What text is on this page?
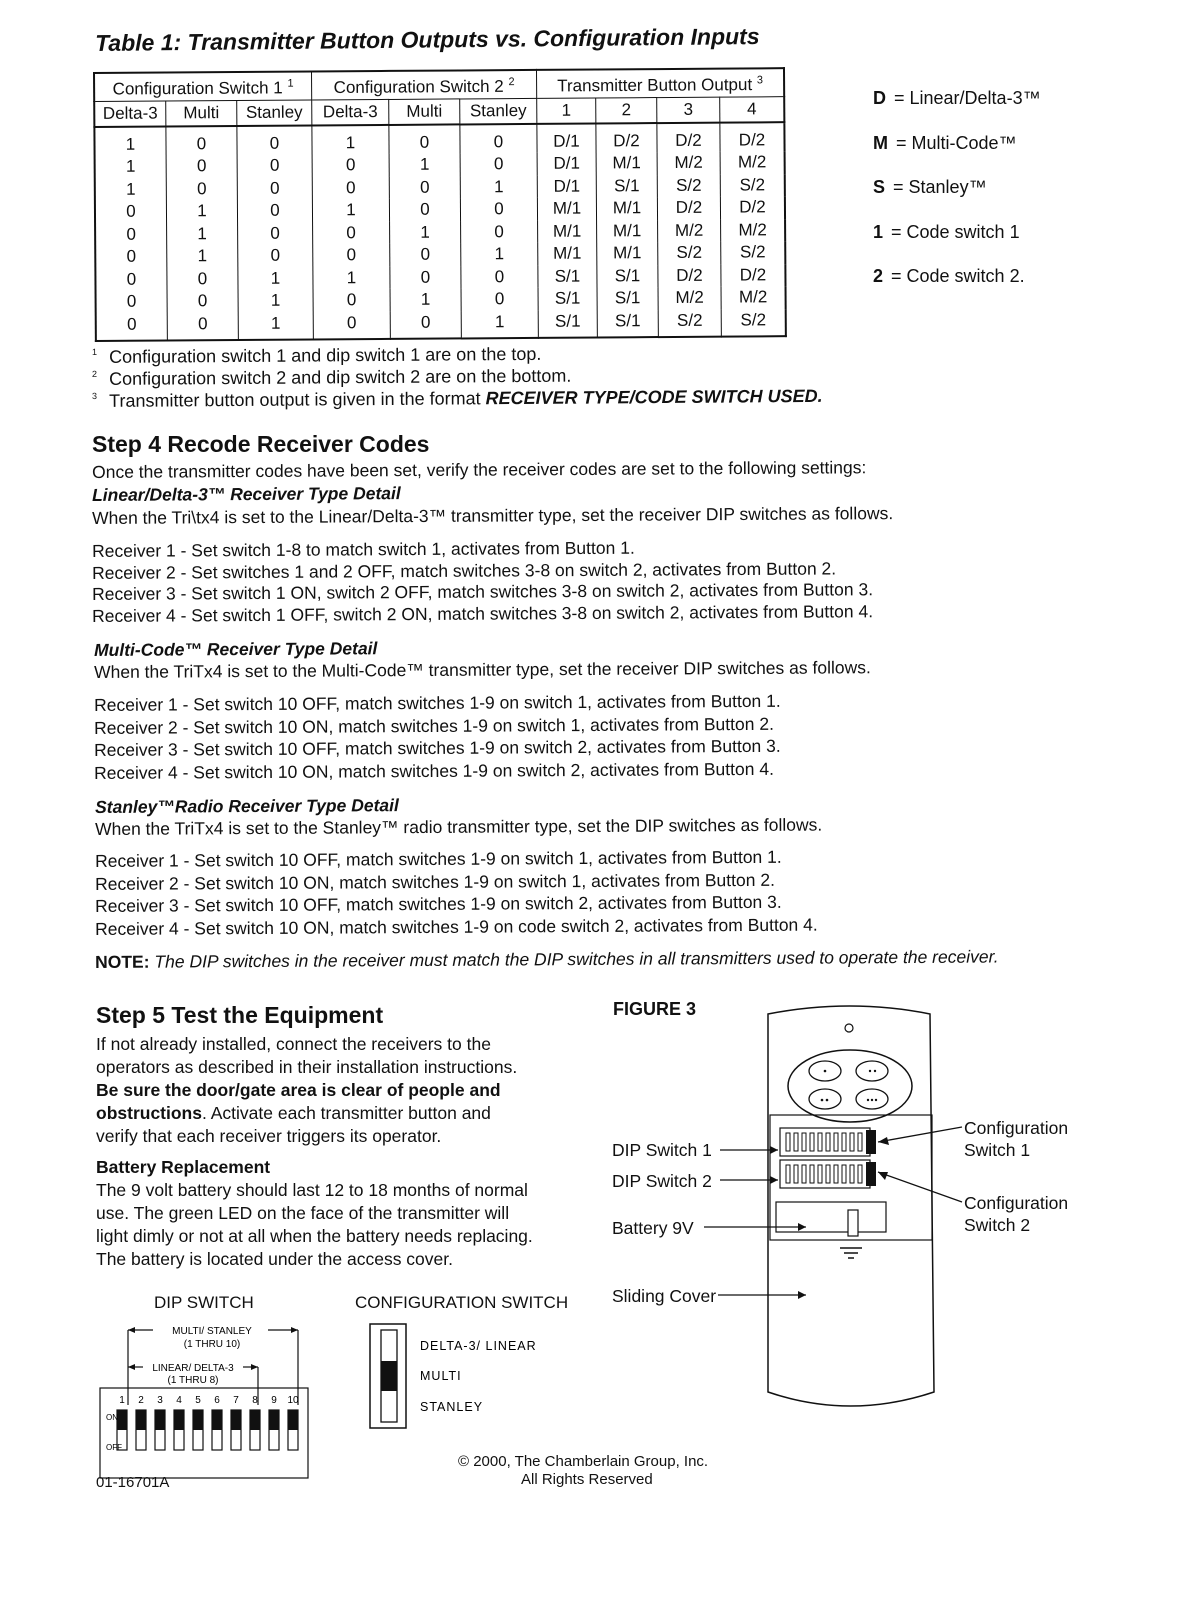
Table 1: Transmitter Button Outputs vs. Configuration Inputs
Configuration Switch 1 $^1$			Configuration Switch 2 $^2$			Transmitter Button Output $^3$
Delta-3	Multi	Stanley	Delta-3	Multi	Stanley	1	2	3	4
1	0	0	1	0	0	D/1	D/2	D/2	D/2
1	0	0	0	1	0	D/1	M/1	M/2	M/2
1	0	0	0	0	1	D/1	S/1	S/2	S/2
0	1	0	1	0	0	M/1	M/1	D/2	D/2
0	1	0	0	1	0	M/1	M/1	M/2	M/2
0	1	0	0	0	1	M/1	M/1	S/2	S/2
0	0	1	1	0	0	S/1	S/1	D/2	D/2
0	0	1	0	1	0	S/1	S/1	M/2	M/2
0	0	1	0	0	1	S/1	S/1	S/2	S/2
D = Linear/Delta-3™
M = Multi-Code™
S = Stanley™
1 = Code switch 1
2 = Code switch 2.
$^1$ Configuration switch 1 and dip switch 1 are on the top.
$^2$ Configuration switch 2 and dip switch 2 are on the bottom.
$^3$ Transmitter button output is given in the format RECEIVER TYPE/CODE SWITCH USED.
Step 4 Recode Receiver Codes
Once the transmitter codes have been set, verify the receiver codes are set to the following settings:
Linear/Delta-3™ Receiver Type Detail
When the Tri\tx4 is set to the Linear/Delta-3™ transmitter type, set the receiver DIP switches as follows.
Receiver 1 - Set switch 1-8 to match switch 1, activates from Button 1.
Receiver 2 - Set switches 1 and 2 OFF, match switches 3-8 on switch 2, activates from Button 2.
Receiver 3 - Set switch 1 ON, switch 2 OFF, match switches 3-8 on switch 2, activates from Button 3.
Receiver 4 - Set switch 1 OFF, switch 2 ON, match switches 3-8 on switch 2, activates from Button 4.
Multi-Code™ Receiver Type Detail
When the TriTx4 is set to the Multi-Code™ transmitter type, set the receiver DIP switches as follows.
Receiver 1 - Set switch 10 OFF, match switches 1-9 on switch 1, activates from Button 1.
Receiver 2 - Set switch 10 ON, match switches 1-9 on switch 1, activates from Button 2.
Receiver 3 - Set switch 10 OFF, match switches 1-9 on switch 2, activates from Button 3.
Receiver 4 - Set switch 10 ON, match switches 1-9 on switch 2, activates from Button 4.
Stanley™Radio Receiver Type Detail
When the TriTx4 is set to the Stanley™ radio transmitter type, set the DIP switches as follows.
Receiver 1 - Set switch 10 OFF, match switches 1-9 on switch 1, activates from Button 1.
Receiver 2 - Set switch 10 ON, match switches 1-9 on switch 1, activates from Button 2.
Receiver 3 - Set switch 10 OFF, match switches 1-9 on switch 2, activates from Button 3.
Receiver 4 - Set switch 10 ON, match switches 1-9 on code switch 2, activates from Button 4.
NOTE: The DIP switches in the receiver must match the DIP switches in all transmitters used to operate the receiver.
Step 5 Test the Equipment
If not already installed, connect the receivers to the
operators as described in their installation instructions.
Be sure the door/gate area is clear of people and
obstructions. Activate each transmitter button and
verify that each receiver triggers its operator.
Battery Replacement
The 9 volt battery should last 12 to 18 months of normal
use. The green LED on the face of the transmitter will
light dimly or not at all when the battery needs replacing.
The battery is located under the access cover.
DIP SWITCH
MULTI/ STANLEY
(1 THRU 10)
LINEAR/ DELTA-3
(1 THRU 8)
1 2 3 4 5 6 7 8 9 10
ON
OFF
CONFIGURATION SWITCH
DELTA-3/ LINEAR
MULTI
STANLEY
FIGURE 3
DIP Switch 1
DIP Switch 2
Battery 9V
Sliding Cover
Configuration
Switch 1
Configuration
Switch 2
01-16701A
© 2000, The Chamberlain Group, Inc.
All Rights Reserved
